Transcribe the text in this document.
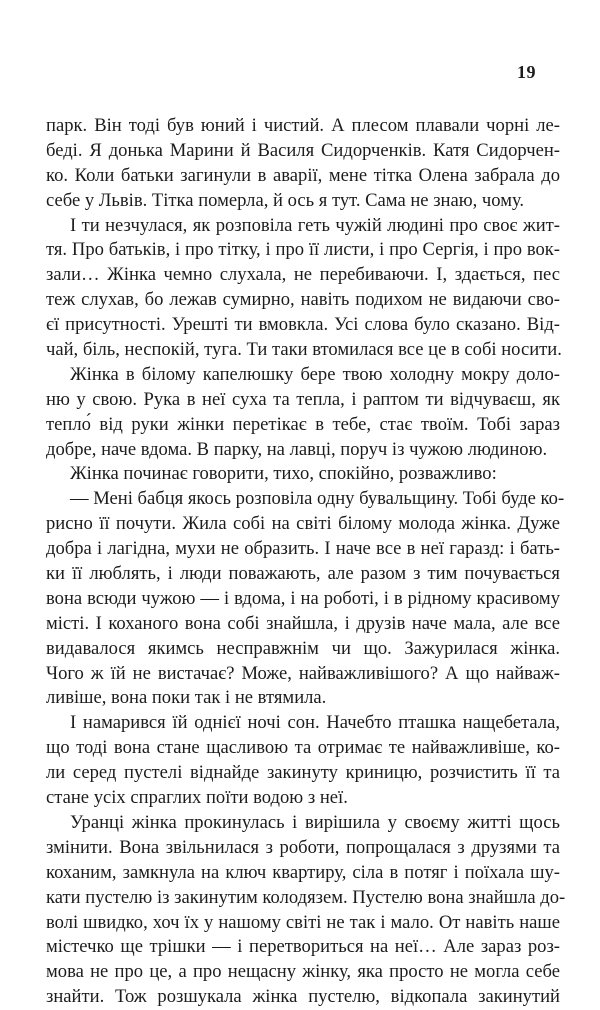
19
парк. Він тоді був юний і чистий. А плесом плавали чорні ле-
беді. Я донька Марини й Василя Сидорченків. Катя Сидорчен-
ко. Коли батьки загинули в аварії, мене тітка Олена забрала до
себе у Львів. Тітка померла, й ось я тут. Сама не знаю, чому.
І ти незчулася, як розповіла геть чужій людині про своє жит-
тя. Про батьків, і про тітку, і про її листи, і про Сергія, і про вок-
зали… Жінка чемно слухала, не перебиваючи. І, здається, пес
теж слухав, бо лежав сумирно, навіть подихом не видаючи сво-
єї присутності. Урешті ти вмовкла. Усі слова було сказано. Від-
чай, біль, неспокій, туга. Ти таки втомилася все це в собі носити.
Жінка в білому капелюшку бере твою холодну мокру доло-
ню у свою. Рука в неї суха та тепла, і раптом ти відчуваєш, як
тепло́ від руки жінки перетікає в тебе, стає твоїм. Тобі зараз
добре, наче вдома. В парку, на лавці, поруч із чужою людиною.
Жінка починає говорити, тихо, спокійно, розважливо:
— Мені бабця якось розповіла одну бувальщину. Тобі буде ко-
рисно її почути. Жила собі на світі білому молода жінка. Дуже
добра і лагідна, мухи не образить. І наче все в неї гаразд: і бать-
ки її люблять, і люди поважають, але разом з тим почувається
вона всюди чужою — і вдома, і на роботі, і в рідному красивому
місті. І коханого вона собі знайшла, і друзів наче мала, але все
видавалося якимсь несправжнім чи що. Зажурилася жінка.
Чого ж їй не вистачає? Може, найважливішого? А що найваж-
ливіше, вона поки так і не втямила.
І намарився їй однієї ночі сон. Начебто пташка нащебетала,
що тоді вона стане щасливою та отримає те найважливіше, ко-
ли серед пустелі віднайде закинуту криницю, розчистить її та
стане усіх спраглих поїти водою з неї.
Уранці жінка прокинулась і вирішила у своєму житті щось
змінити. Вона звільнилася з роботи, попрощалася з друзями та
коханим, замкнула на ключ квартиру, сіла в потяг і поїхала шу-
кати пустелю із закинутим колодязем. Пустелю вона знайшла до-
волі швидко, хоч їх у нашому світі не так і мало. От навіть наше
містечко ще трішки — і перетвориться на неї… Але зараз роз-
мова не про це, а про нещасну жінку, яка просто не могла себе
знайти. Тож розшукала жінка пустелю, відкопала закинутий
